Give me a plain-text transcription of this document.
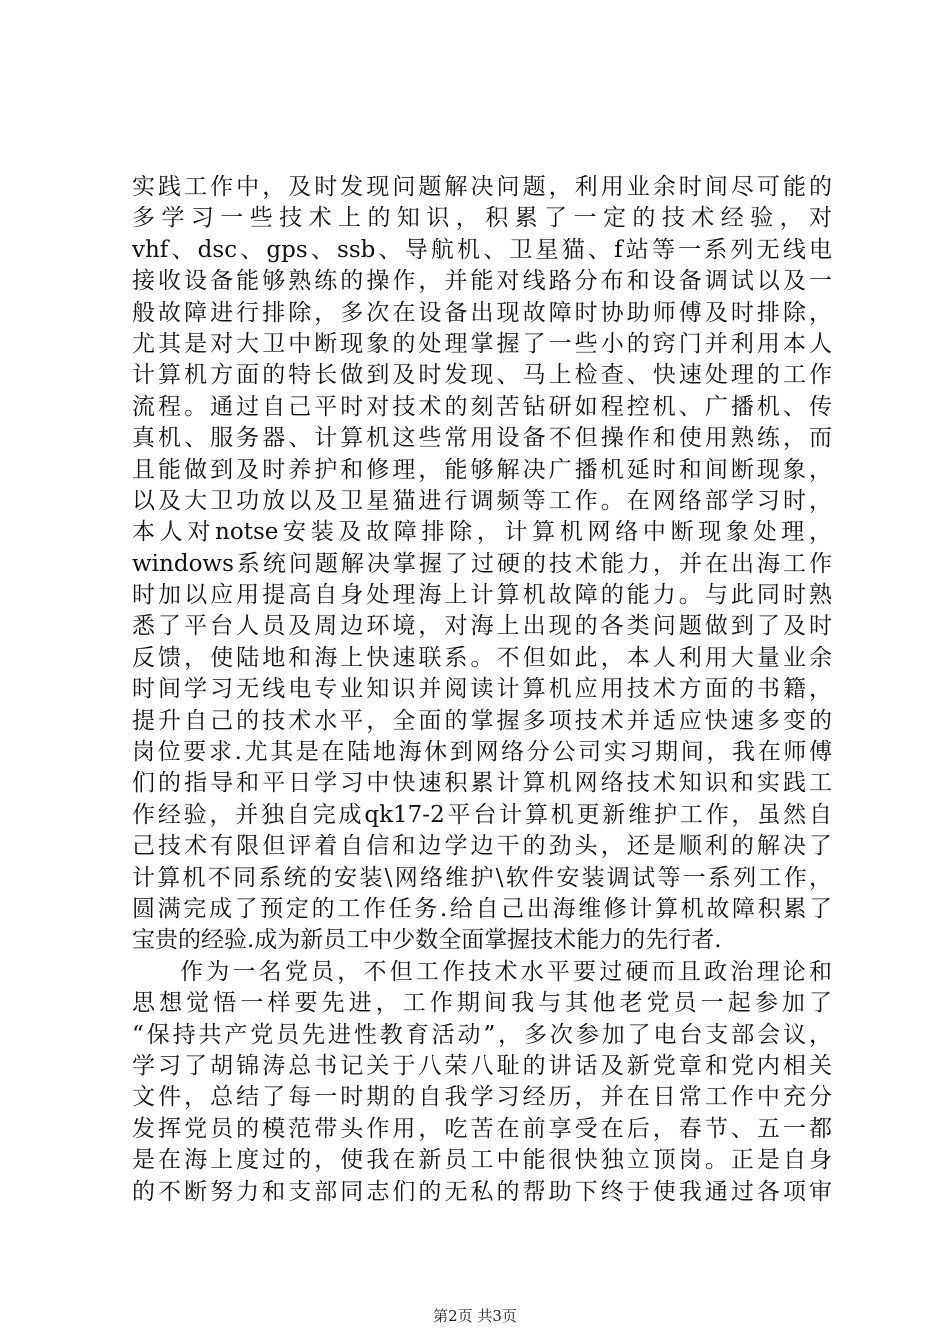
实践工作中，及时发现问题解决问题，利用业余时间尽可能的
多学习一些技术上的知识，积累了一定的技术经验，对
vhf、dsc、gps、ssb、导航机、卫星猫、f站等一系列无线电
接收设备能够熟练的操作，并能对线路分布和设备调试以及一
般故障进行排除，多次在设备出现故障时协助师傅及时排除，
尤其是对大卫中断现象的处理掌握了一些小的窍门并利用本人
计算机方面的特长做到及时发现、马上检查、快速处理的工作
流程。通过自己平时对技术的刻苦钻研如程控机、广播机、传
真机、服务器、计算机这些常用设备不但操作和使用熟练，而
且能做到及时养护和修理，能够解决广播机延时和间断现象，
以及大卫功放以及卫星猫进行调频等工作。在网络部学习时，
本人对notse安装及故障排除，计算机网络中断现象处理，
windows系统问题解决掌握了过硬的技术能力，并在出海工作
时加以应用提高自身处理海上计算机故障的能力。与此同时熟
悉了平台人员及周边环境，对海上出现的各类问题做到了及时
反馈，使陆地和海上快速联系。不但如此，本人利用大量业余
时间学习无线电专业知识并阅读计算机应用技术方面的书籍，
提升自己的技术水平，全面的掌握多项技术并适应快速多变的
岗位要求.尤其是在陆地海休到网络分公司实习期间，我在师傅
们的指导和平日学习中快速积累计算机网络技术知识和实践工
作经验，并独自完成qk17-2平台计算机更新维护工作，虽然自
己技术有限但评着自信和边学边干的劲头，还是顺利的解决了
计算机不同系统的安装\网络维护\软件安装调试等一系列工作，
圆满完成了预定的工作任务.给自己出海维修计算机故障积累了
宝贵的经验.成为新员工中少数全面掌握技术能力的先行者.
作为一名党员，不但工作技术水平要过硬而且政治理论和
思想觉悟一样要先进，工作期间我与其他老党员一起参加了
“保持共产党员先进性教育活动”，多次参加了电台支部会议，
学习了胡锦涛总书记关于八荣八耻的讲话及新党章和党内相关
文件，总结了每一时期的自我学习经历，并在日常工作中充分
发挥党员的模范带头作用，吃苦在前享受在后，春节、五一都
是在海上度过的，使我在新员工中能很快独立顶岗。正是自身
的不断努力和支部同志们的无私的帮助下终于使我通过各项审
第2页 共3页
